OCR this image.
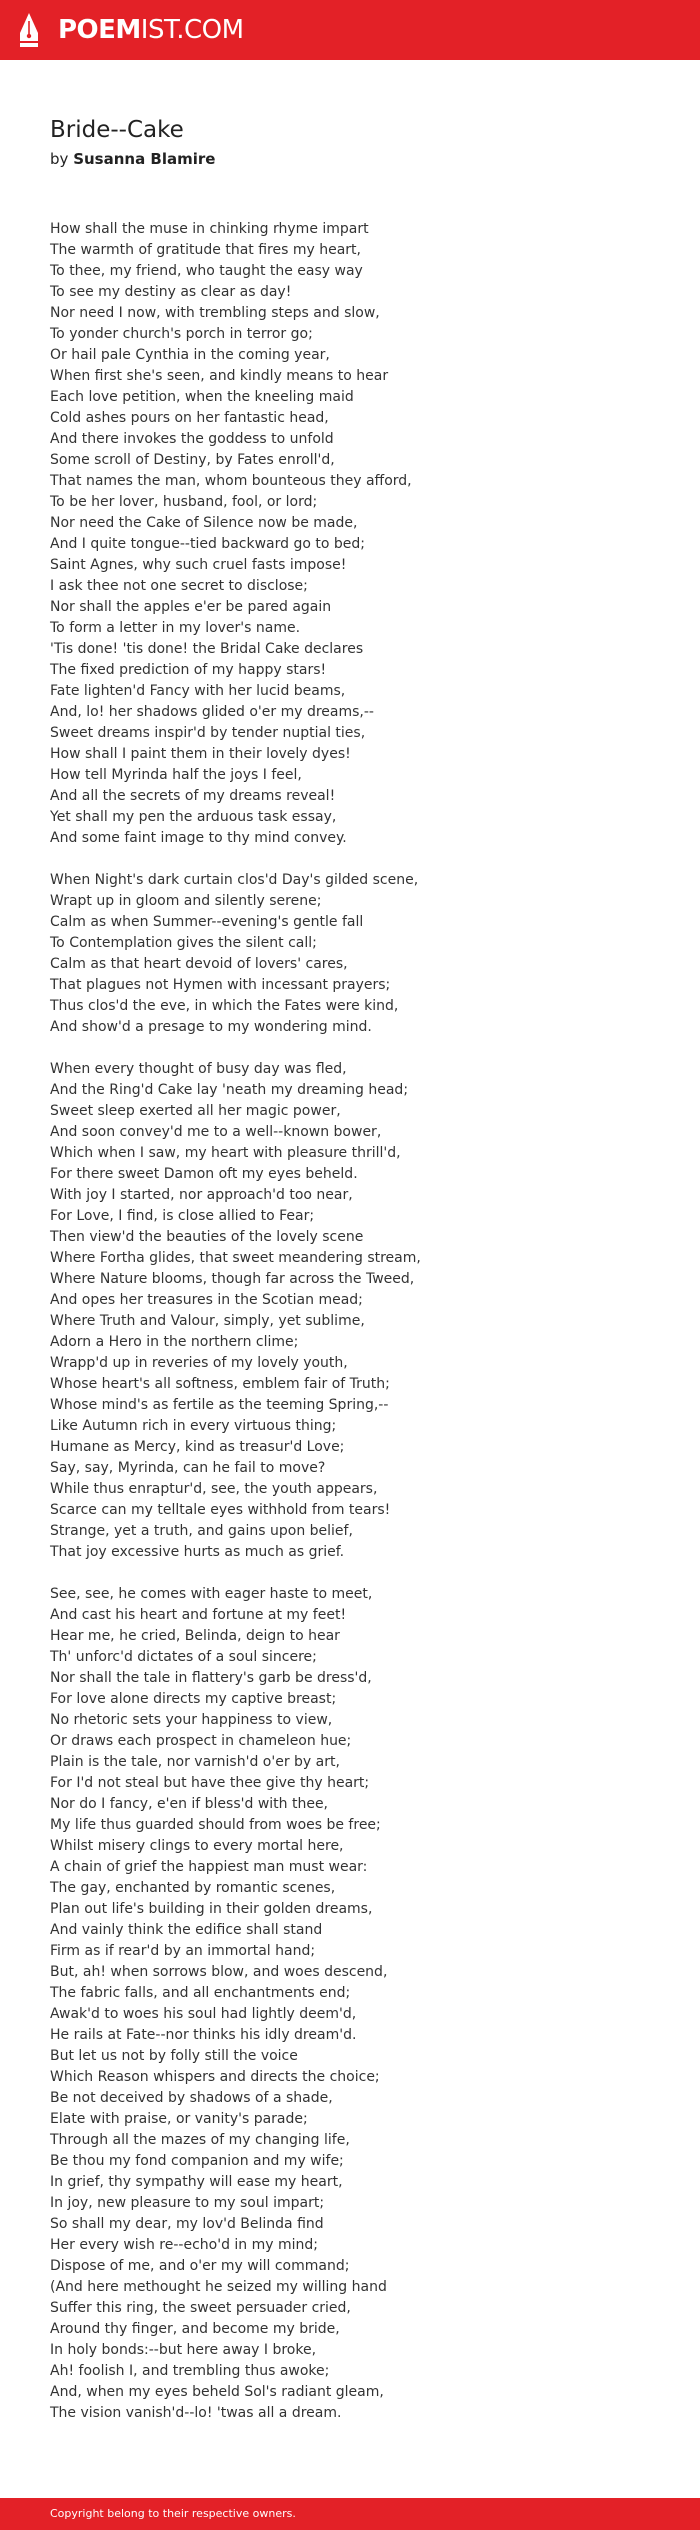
POEMIST.COM
Bride--Cake
by Susanna Blamire
How shall the muse in chinking rhyme impart
The warmth of gratitude that fires my heart,
To thee, my friend, who taught the easy way
To see my destiny as clear as day!
Nor need I now, with trembling steps and slow,
To yonder church's porch in terror go;
Or hail pale Cynthia in the coming year,
When first she's seen, and kindly means to hear
Each love petition, when the kneeling maid
Cold ashes pours on her fantastic head,
And there invokes the goddess to unfold
Some scroll of Destiny, by Fates enroll'd,
That names the man, whom bounteous they afford,
To be her lover, husband, fool, or lord;
Nor need the Cake of Silence now be made,
And I quite tongue--tied backward go to bed;
Saint Agnes, why such cruel fasts impose!
I ask thee not one secret to disclose;
Nor shall the apples e'er be pared again
To form a letter in my lover's name.
'Tis done! 'tis done! the Bridal Cake declares
The fixed prediction of my happy stars!
Fate lighten'd Fancy with her lucid beams,
And, lo! her shadows glided o'er my dreams,--
Sweet dreams inspir'd by tender nuptial ties,
How shall I paint them in their lovely dyes!
How tell Myrinda half the joys I feel,
And all the secrets of my dreams reveal!
Yet shall my pen the arduous task essay,
And some faint image to thy mind convey.
When Night's dark curtain clos'd Day's gilded scene,
Wrapt up in gloom and silently serene;
Calm as when Summer--evening's gentle fall
To Contemplation gives the silent call;
Calm as that heart devoid of lovers' cares,
That plagues not Hymen with incessant prayers;
Thus clos'd the eve, in which the Fates were kind,
And show'd a presage to my wondering mind.
When every thought of busy day was fled,
And the Ring'd Cake lay 'neath my dreaming head;
Sweet sleep exerted all her magic power,
And soon convey'd me to a well--known bower,
Which when I saw, my heart with pleasure thrill'd,
For there sweet Damon oft my eyes beheld.
With joy I started, nor approach'd too near,
For Love, I find, is close allied to Fear;
Then view'd the beauties of the lovely scene
Where Fortha glides, that sweet meandering stream,
Where Nature blooms, though far across the Tweed,
And opes her treasures in the Scotian mead;
Where Truth and Valour, simply, yet sublime,
Adorn a Hero in the northern clime;
Wrapp'd up in reveries of my lovely youth,
Whose heart's all softness, emblem fair of Truth;
Whose mind's as fertile as the teeming Spring,--
Like Autumn rich in every virtuous thing;
Humane as Mercy, kind as treasur'd Love;
Say, say, Myrinda, can he fail to move?
While thus enraptur'd, see, the youth appears,
Scarce can my telltale eyes withhold from tears!
Strange, yet a truth, and gains upon belief,
That joy excessive hurts as much as grief.
See, see, he comes with eager haste to meet,
And cast his heart and fortune at my feet!
Hear me, he cried, Belinda, deign to hear
Th' unforc'd dictates of a soul sincere;
Nor shall the tale in flattery's garb be dress'd,
For love alone directs my captive breast;
No rhetoric sets your happiness to view,
Or draws each prospect in chameleon hue;
Plain is the tale, nor varnish'd o'er by art,
For I'd not steal but have thee give thy heart;
Nor do I fancy, e'en if bless'd with thee,
My life thus guarded should from woes be free;
Whilst misery clings to every mortal here,
A chain of grief the happiest man must wear:
The gay, enchanted by romantic scenes,
Plan out life's building in their golden dreams,
And vainly think the edifice shall stand
Firm as if rear'd by an immortal hand;
But, ah! when sorrows blow, and woes descend,
The fabric falls, and all enchantments end;
Awak'd to woes his soul had lightly deem'd,
He rails at Fate--nor thinks his idly dream'd.
But let us not by folly still the voice
Which Reason whispers and directs the choice;
Be not deceived by shadows of a shade,
Elate with praise, or vanity's parade;
Through all the mazes of my changing life,
Be thou my fond companion and my wife;
In grief, thy sympathy will ease my heart,
In joy, new pleasure to my soul impart;
So shall my dear, my lov'd Belinda find
Her every wish re--echo'd in my mind;
Dispose of me, and o'er my will command;
(And here methought he seized my willing hand
Suffer this ring, the sweet persuader cried,
Around thy finger, and become my bride,
In holy bonds:--but here away I broke,
Ah! foolish I, and trembling thus awoke;
And, when my eyes beheld Sol's radiant gleam,
The vision vanish'd--lo! 'twas all a dream.
Copyright belong to their respective owners.
